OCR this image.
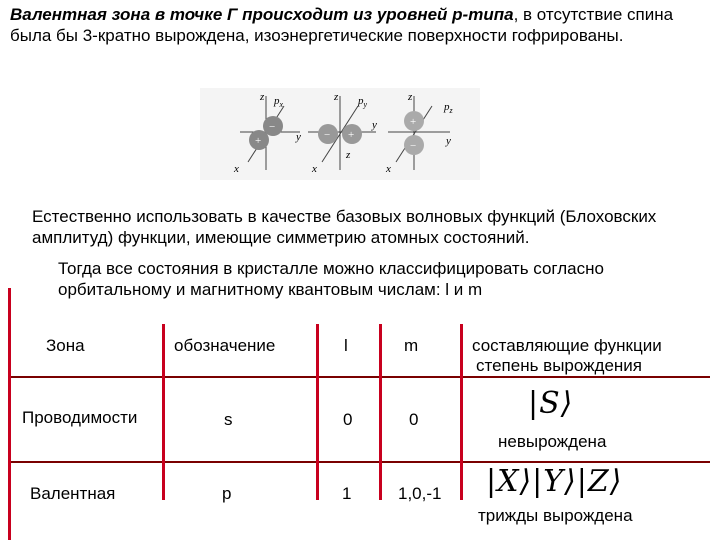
Валентная зона в точке Г происходит из уровней p-типа, в отсутствие спина была бы 3-кратно вырождена, изоэнергетические поверхности гофрированы.
−
+
z
y
x
$p_x$
− +
z
y
x
z
$p_y$
+
−
z
y
x
$p_z$
Естественно использовать в качестве базовых волновых функций (Блоховских амплитуд) функции, имеющие симметрию атомных состояний.
Тогда все состояния в кристалле можно классифицировать согласно орбитальному и магнитному квантовым числам: l и m
Зона	обозначение	l	m	составляющие функции
степень вырождения
Проводимости	s	0	0	|S⟩
невырождена
Валентная	p	1	1,0,-1 |X⟩|Y⟩|Z⟩
трижды вырождена
